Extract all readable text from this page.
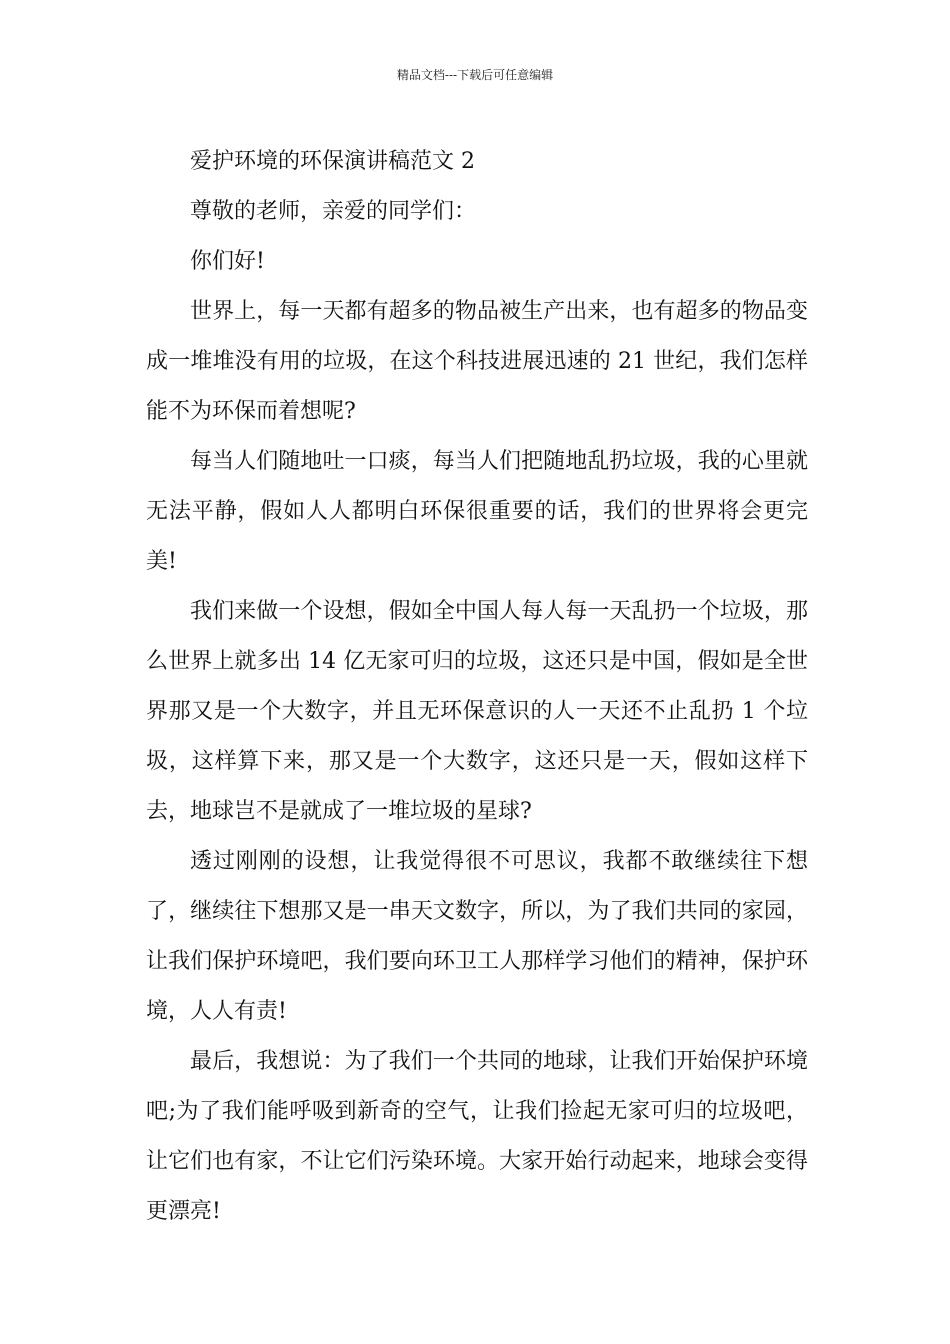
精品文档---下载后可任意编辑

爱护环境的环保演讲稿范文 2

尊敬的老师，亲爱的同学们：

你们好!

世界上，每一天都有超多的物品被生产出来，也有超多的物品变成一堆堆没有用的垃圾，在这个科技进展迅速的 21 世纪，我们怎样能不为环保而着想呢?

每当人们随地吐一口痰，每当人们把随地乱扔垃圾，我的心里就无法平静，假如人人都明白环保很重要的话，我们的世界将会更完美!

我们来做一个设想，假如全中国人每人每一天乱扔一个垃圾，那么世界上就多出 14 亿无家可归的垃圾，这还只是中国，假如是全世界那又是一个大数字，并且无环保意识的人一天还不止乱扔 1 个垃圾，这样算下来，那又是一个大数字，这还只是一天，假如这样下去，地球岂不是就成了一堆垃圾的星球?

透过刚刚的设想，让我觉得很不可思议，我都不敢继续往下想了，继续往下想那又是一串天文数字，所以，为了我们共同的家园，让我们保护环境吧，我们要向环卫工人那样学习他们的精神，保护环境，人人有责!

最后，我想说：为了我们一个共同的地球，让我们开始保护环境吧;为了我们能呼吸到新奇的空气，让我们捡起无家可归的垃圾吧，让它们也有家，不让它们污染环境。大家开始行动起来，地球会变得更漂亮!
